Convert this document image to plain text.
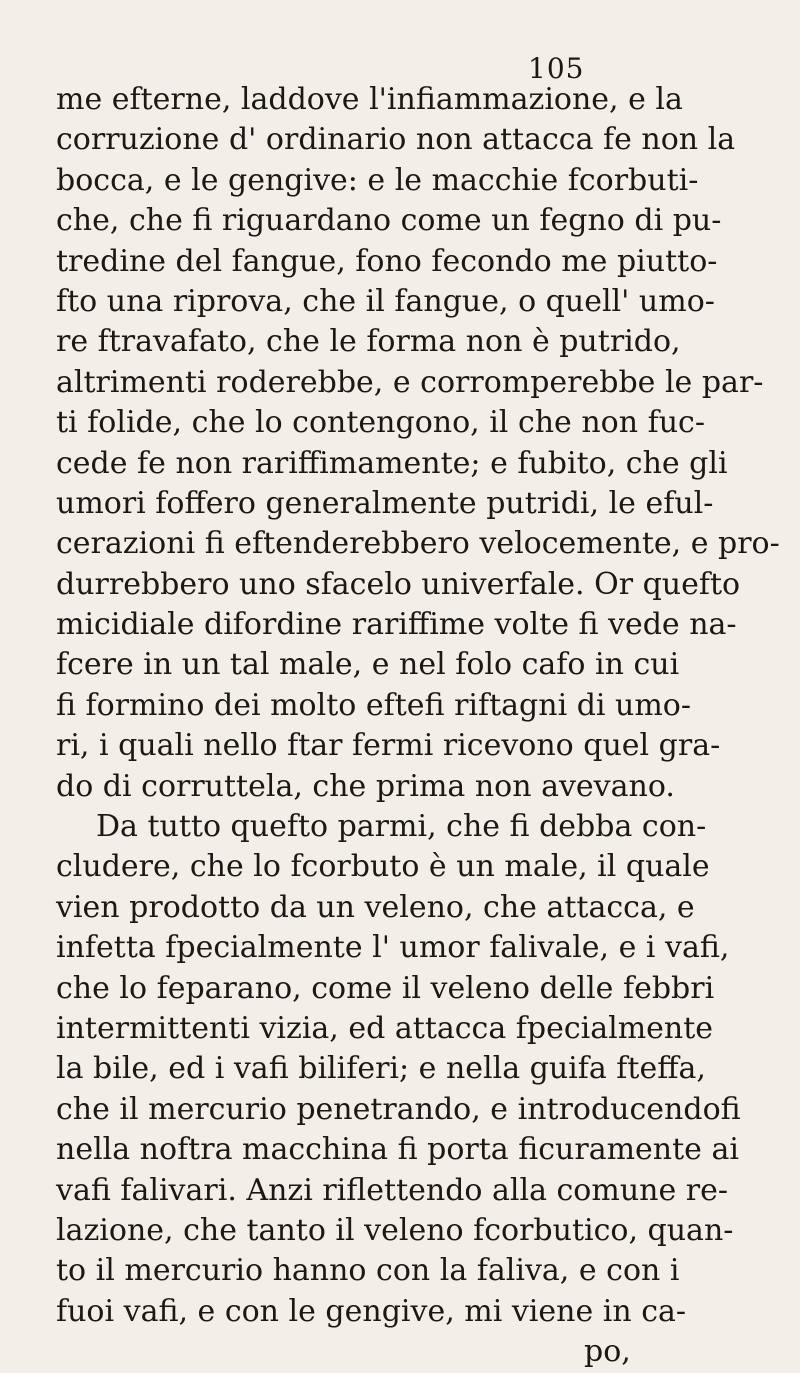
105
me efterne, laddove l'infiammazione, e la
corruzione d' ordinario non attacca fe non la
bocca, e le gengive: e le macchie fcorbuti-
che, che fi riguardano come un fegno di pu-
tredine del fangue, fono fecondo me piutto-
fto una riprova, che il fangue, o quell' umo-
re ftravafato, che le forma non è putrido,
altrimenti roderebbe, e corromperebbe le par-
ti folide, che lo contengono, il che non fuc-
cede fe non rariffimamente; e fubito, che gli
umori foffero generalmente putridi, le eful-
cerazioni fi eftenderebbero velocemente, e pro-
durrebbero uno sfacelo univerfale. Or quefto
micidiale difordine rariffime volte fi vede na-
fcere in un tal male, e nel folo cafo in cui
fi formino dei molto eftefi riftagni di umo-
ri, i quali nello ftar fermi ricevono quel gra-
do di corruttela, che prima non avevano.
Da tutto quefto parmi, che fi debba con-
cludere, che lo fcorbuto è un male, il quale
vien prodotto da un veleno, che attacca, e
infetta fpecialmente l' umor falivale, e i vafi,
che lo feparano, come il veleno delle febbri
intermittenti vizia, ed attacca fpecialmente
la bile, ed i vafi biliferi; e nella guifa fteffa,
che il mercurio penetrando, e introducendofi
nella noftra macchina fi porta ficuramente ai
vafi falivari. Anzi riflettendo alla comune re-
lazione, che tanto il veleno fcorbutico, quan-
to il mercurio hanno con la faliva, e con i
fuoi vafi, e con le gengive, mi viene in ca-
po,
